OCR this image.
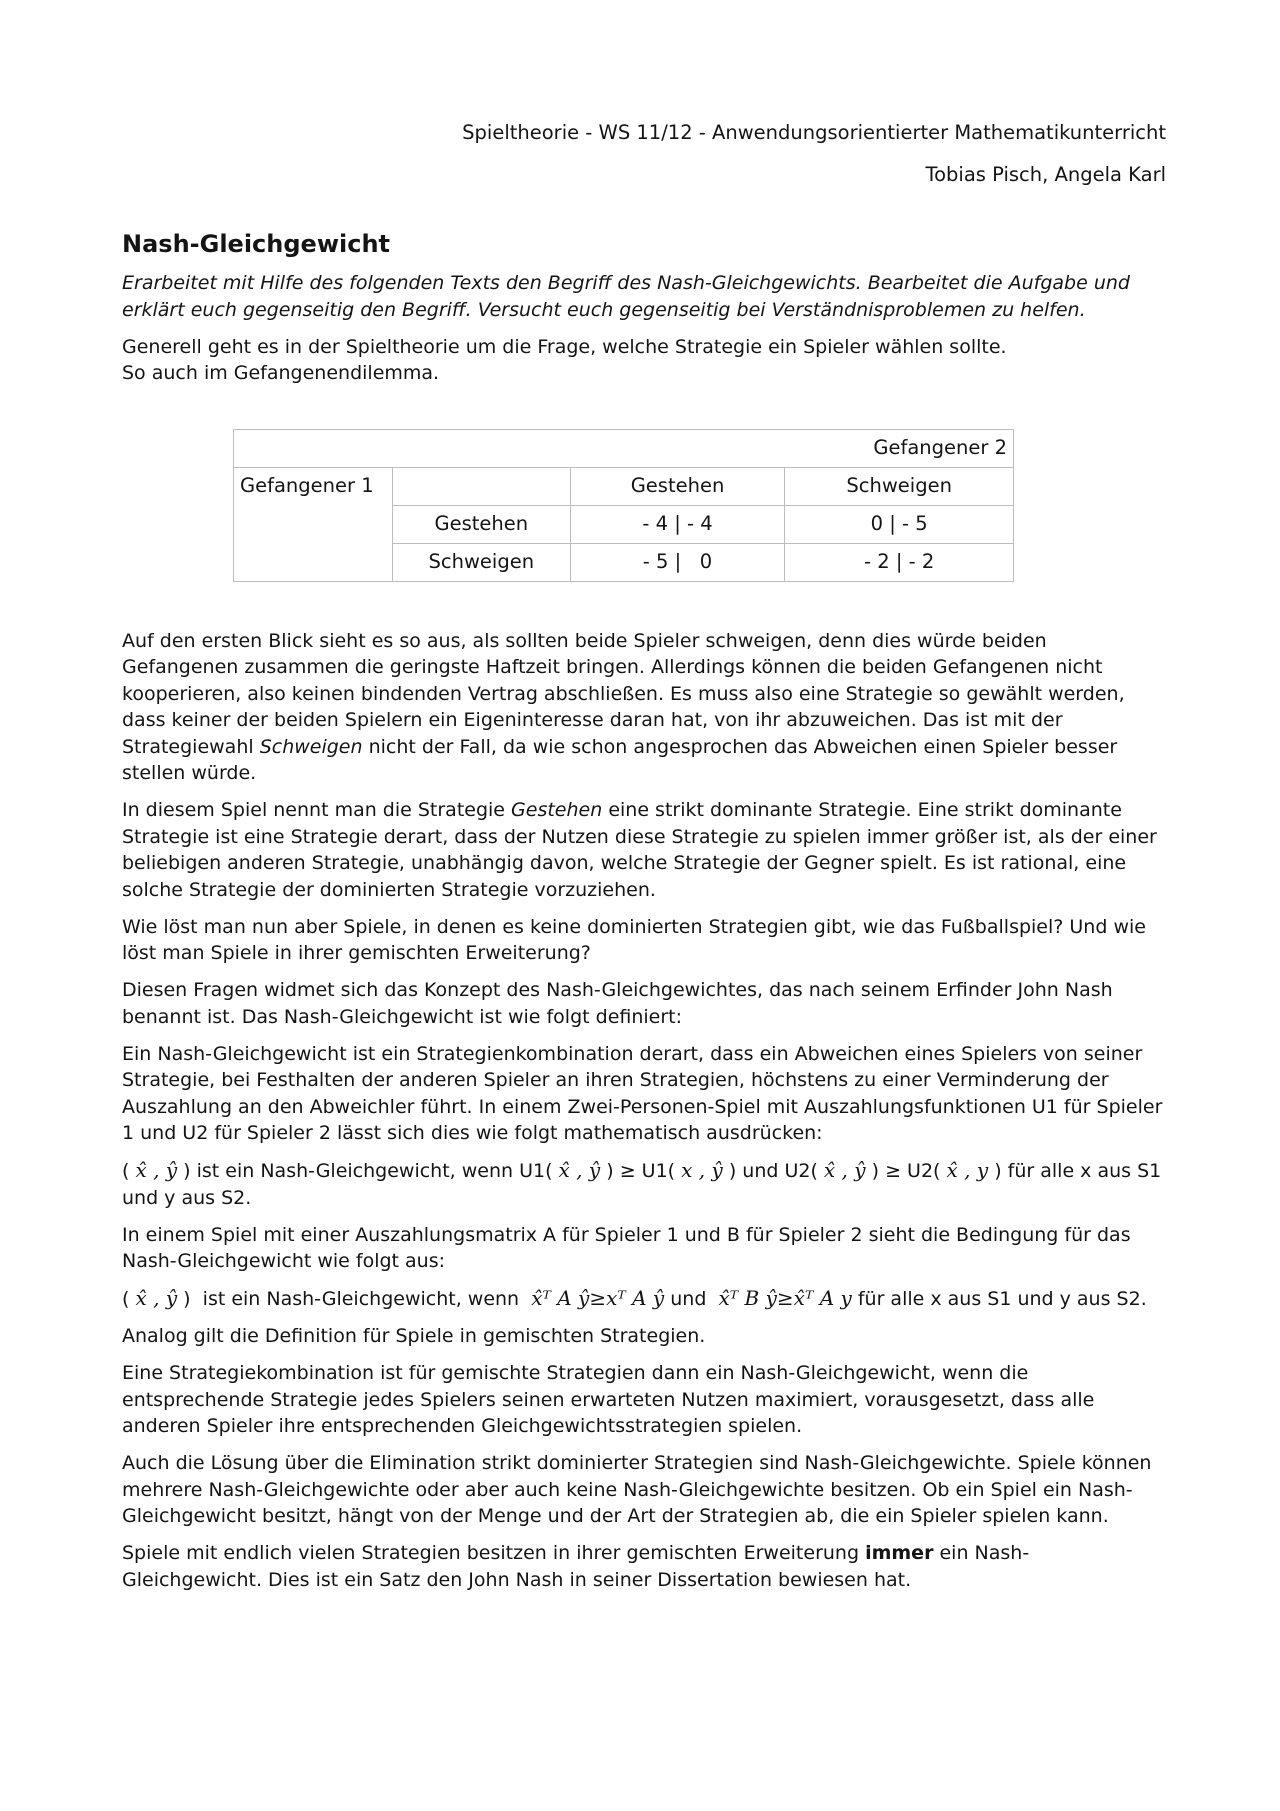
Spieltheorie - WS 11/12 - Anwendungsorientierter Mathematikunterricht
Tobias Pisch, Angela Karl
Nash-Gleichgewicht

Erarbeitet mit Hilfe des folgenden Texts den Begriff des Nash-Gleichgewichts. Bearbeitet die Aufgabe und erklärt euch gegenseitig den Begriff. Versucht euch gegenseitig bei Verständnisproblemen zu helfen.

Generell geht es in der Spieltheorie um die Frage, welche Strategie ein Spieler wählen sollte.
So auch im Gefangenendilemma.

Gefangener 2			
Gefangener 1		Gestehen	Schweigen
	Gestehen	- 4 | - 4	0 | - 5
	Schweigen	- 5 |   0	- 2 | - 2

Auf den ersten Blick sieht es so aus, als sollten beide Spieler schweigen, denn dies würde beiden Gefangenen zusammen die geringste Haftzeit bringen. Allerdings können die beiden Gefangenen nicht kooperieren, also keinen bindenden Vertrag abschließen. Es muss also eine Strategie so gewählt werden, dass keiner der beiden Spielern ein Eigeninteresse daran hat, von ihr abzuweichen. Das ist mit der Strategiewahl Schweigen nicht der Fall, da wie schon angesprochen das Abweichen einen Spieler besser stellen würde.

In diesem Spiel nennt man die Strategie Gestehen eine strikt dominante Strategie. Eine strikt dominante Strategie ist eine Strategie derart, dass der Nutzen diese Strategie zu spielen immer größer ist, als der einer beliebigen anderen Strategie, unabhängig davon, welche Strategie der Gegner spielt. Es ist rational, eine solche Strategie der dominierten Strategie vorzuziehen.

Wie löst man nun aber Spiele, in denen es keine dominierten Strategien gibt, wie das Fußballspiel? Und wie löst man Spiele in ihrer gemischten Erweiterung?

Diesen Fragen widmet sich das Konzept des Nash-Gleichgewichtes, das nach seinem Erfinder John Nash benannt ist. Das Nash-Gleichgewicht ist wie folgt definiert:

Ein Nash-Gleichgewicht ist ein Strategienkombination derart, dass ein Abweichen eines Spielers von seiner Strategie, bei Festhalten der anderen Spieler an ihren Strategien, höchstens zu einer Verminderung der Auszahlung an den Abweichler führt. In einem Zwei-Personen-Spiel mit Auszahlungsfunktionen U1 für Spieler 1 und U2 für Spieler 2 lässt sich dies wie folgt mathematisch ausdrücken:

( x̂ , ŷ ) ist ein Nash-Gleichgewicht, wenn U1( x̂ , ŷ ) ≥ U1( x , ŷ ) und U2( x̂ , ŷ ) ≥ U2( x̂ , y ) für alle x aus S1 und y aus S2.

In einem Spiel mit einer Auszahlungsmatrix A für Spieler 1 und B für Spieler 2 sieht die Bedingung für das Nash-Gleichgewicht wie folgt aus:

( x̂ , ŷ )  ist ein Nash-Gleichgewicht, wenn x̂ᵀ A ŷ≥xᵀ A ŷ und x̂ᵀ B ŷ≥x̂ᵀ A y für alle x aus S1 und y aus S2.

Analog gilt die Definition für Spiele in gemischten Strategien.

Eine Strategiekombination ist für gemischte Strategien dann ein Nash-Gleichgewicht, wenn die entsprechende Strategie jedes Spielers seinen erwarteten Nutzen maximiert, vorausgesetzt, dass alle anderen Spieler ihre entsprechenden Gleichgewichtsstrategien spielen.

Auch die Lösung über die Elimination strikt dominierter Strategien sind Nash-Gleichgewichte. Spiele können mehrere Nash-Gleichgewichte oder aber auch keine Nash-Gleichgewichte besitzen. Ob ein Spiel ein Nash-Gleichgewicht besitzt, hängt von der Menge und der Art der Strategien ab, die ein Spieler spielen kann.

Spiele mit endlich vielen Strategien besitzen in ihrer gemischten Erweiterung immer ein Nash-Gleichgewicht. Dies ist ein Satz den John Nash in seiner Dissertation bewiesen hat.
